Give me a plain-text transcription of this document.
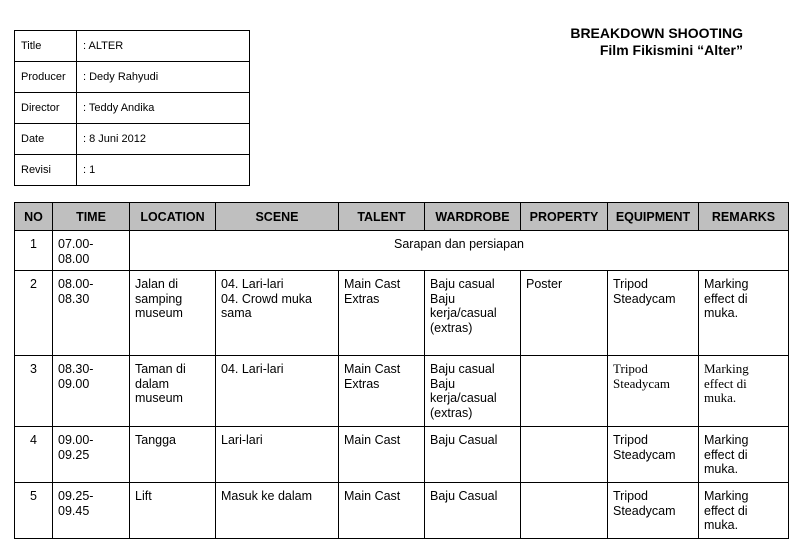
Title	: ALTER
Producer	: Dedy Rahyudi
Director	: Teddy Andika
Date	: 8 Juni 2012
Revisi	: 1
BREAKDOWN SHOOTING
Film Fikismini “Alter”
NO	TIME	LOCATION	SCENE	TALENT	WARDROBE	PROPERTY	EQUIPMENT	REMARKS
1	07.00-08.00	Sarapan dan persiapan						
2	08.00-08.30	Jalan di
samping
museum	04. Lari-lari
04. Crowd muka
sama	Main Cast
Extras	Baju casual
Baju
kerja/casual
(extras)	Poster	Tripod
Steadycam	Marking
effect di
muka.

3	08.30-09.00	Taman di
dalam
museum	04. Lari-lari	Main Cast
Extras	Baju casual
Baju
kerja/casual
(extras)		Tripod
Steadycam	Marking
effect di
muka.

4	09.00-09.25	Tangga	Lari-lari	Main Cast	Baju Casual		Tripod
Steadycam	Marking
effect di
muka.

5	09.25-09.45	Lift	Masuk ke dalam	Main Cast	Baju Casual		Tripod
Steadycam	Marking
effect di
muka.
